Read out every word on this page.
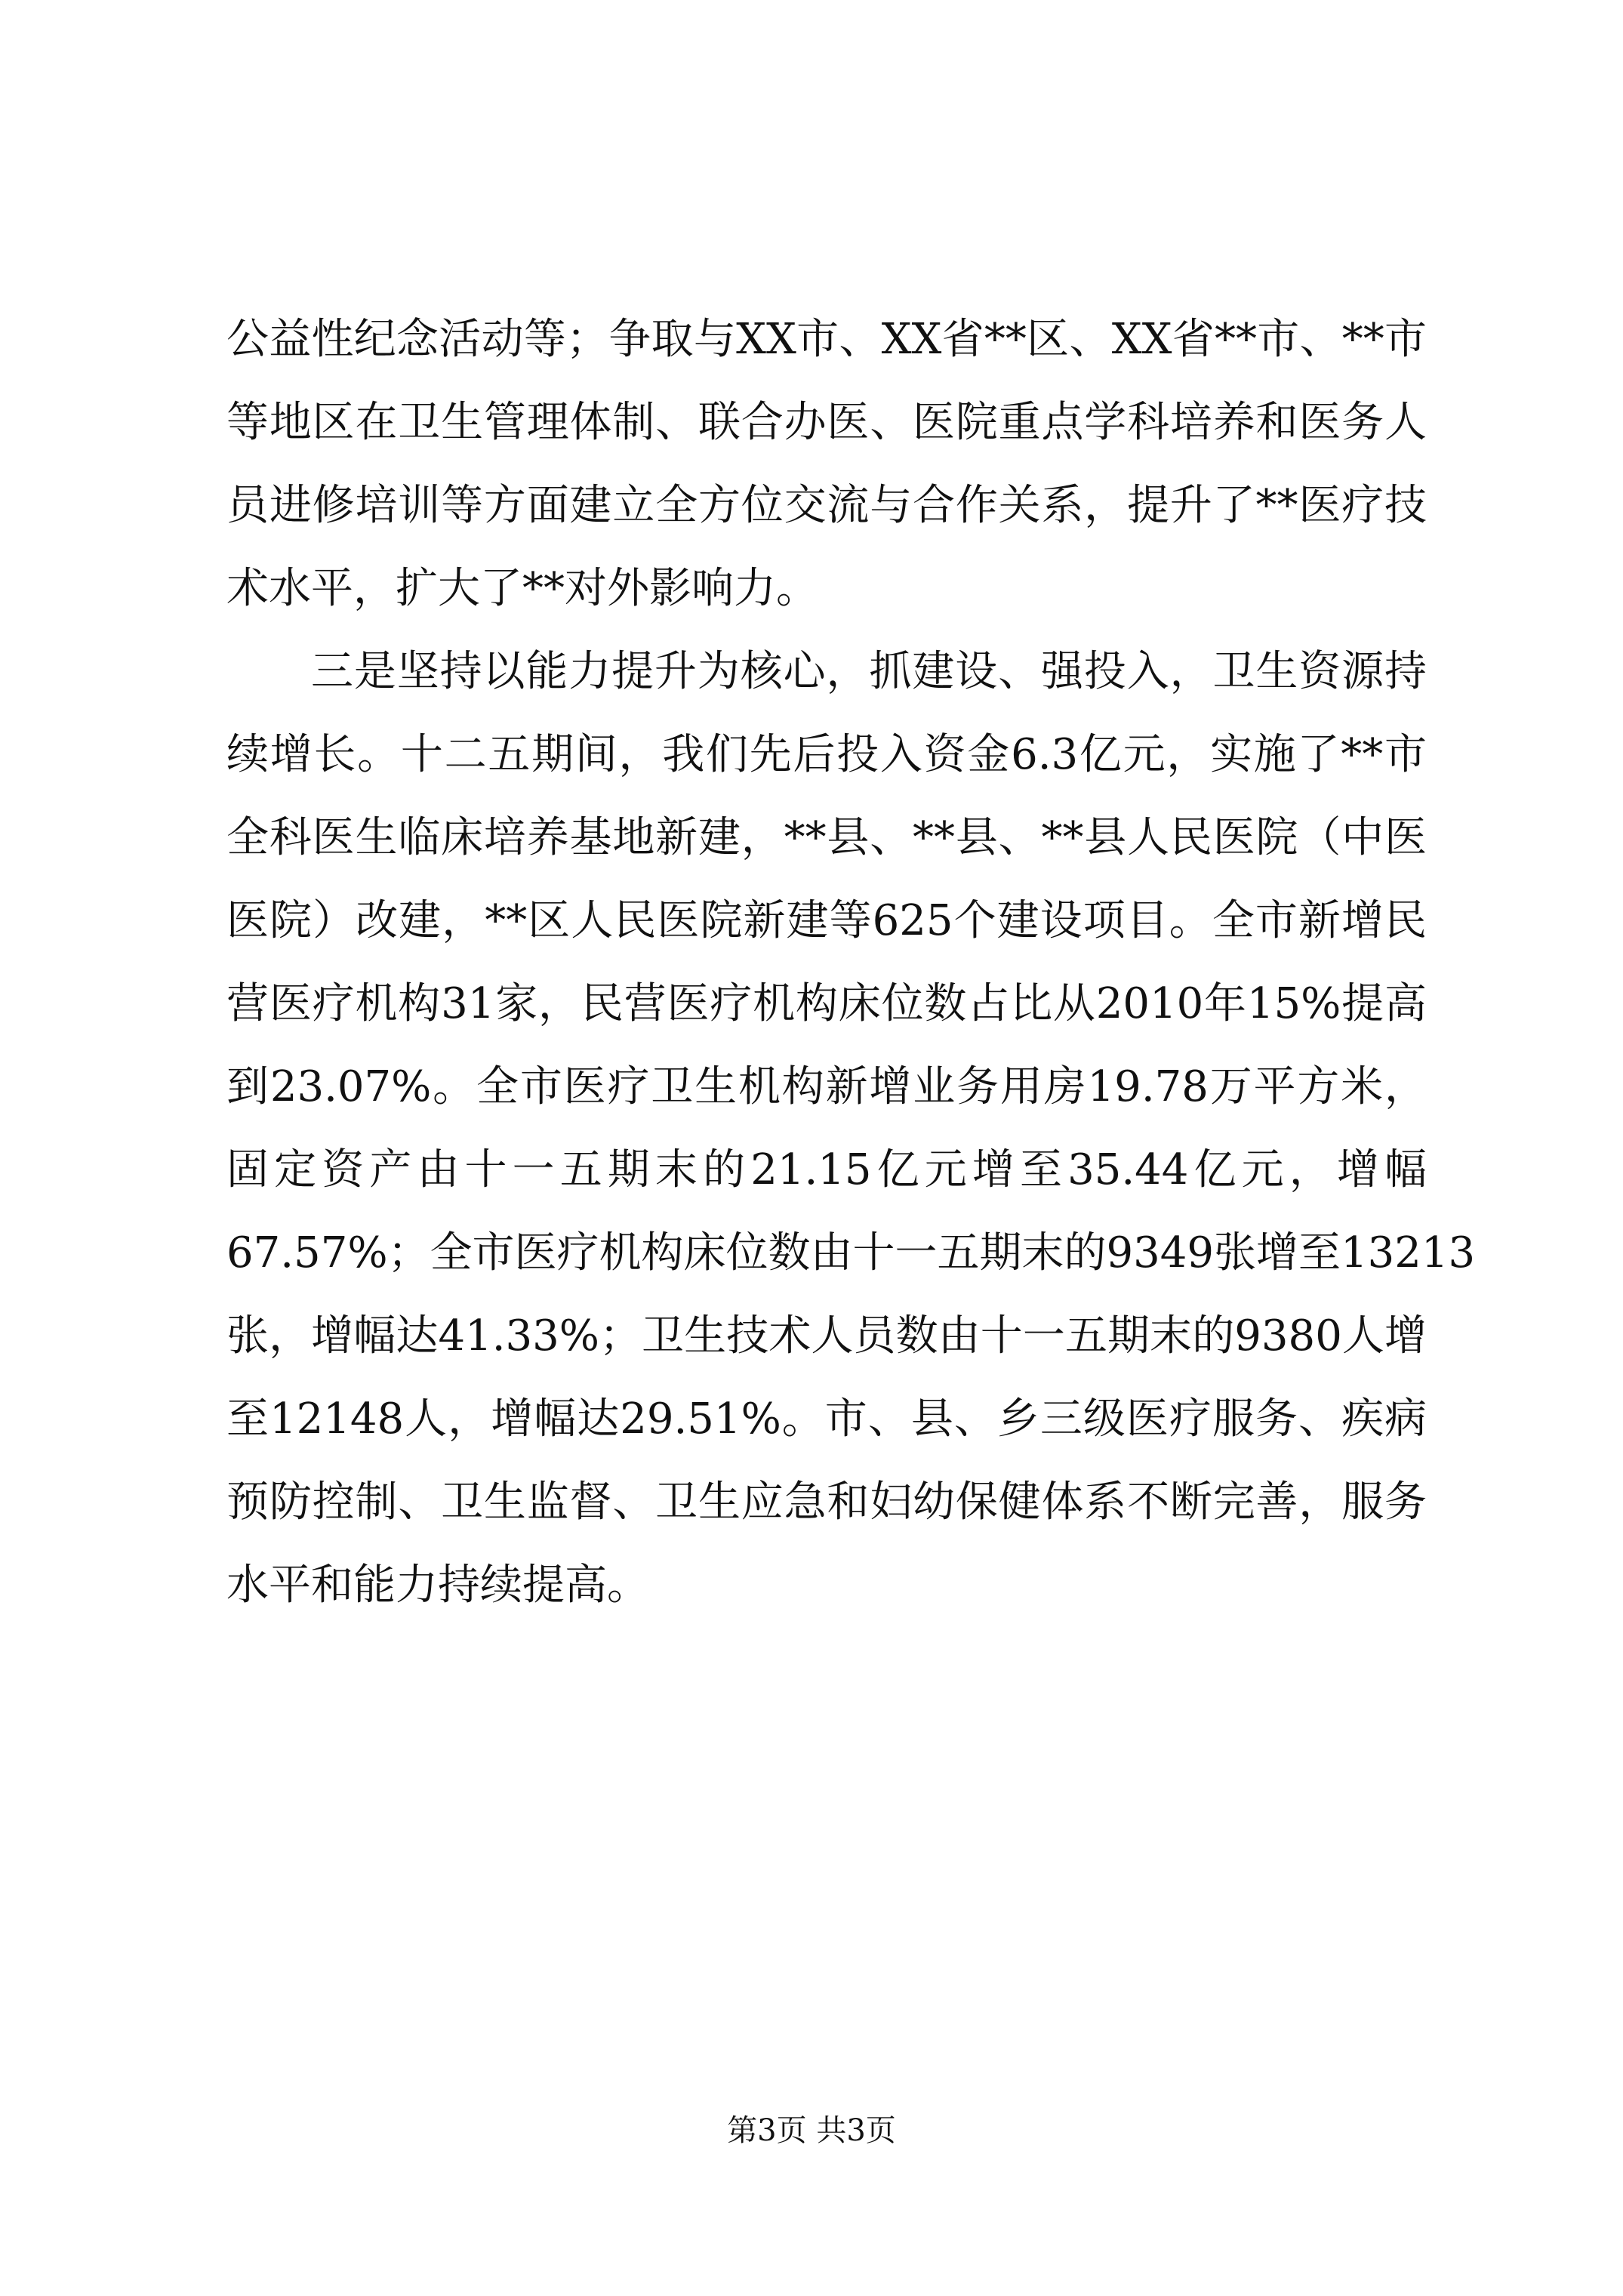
公益性纪念活动等；争取与XX市、XX省**区、XX省**市、**市
等地区在卫生管理体制、联合办医、医院重点学科培养和医务人
员进修培训等方面建立全方位交流与合作关系，提升了**医疗技
术水平，扩大了**对外影响力。
三是坚持以能力提升为核心，抓建设、强投入，卫生资源持
续增长。十二五期间，我们先后投入资金6.3亿元，实施了**市
全科医生临床培养基地新建，**县、**县、**县人民医院（中医
医院）改建，**区人民医院新建等625个建设项目。全市新增民
营医疗机构31家，民营医疗机构床位数占比从2010年15%提高
到23.07%。全市医疗卫生机构新增业务用房19.78万平方米，
固定资产由十一五期末的21.15亿元增至35.44亿元，增幅
67.57%；全市医疗机构床位数由十一五期末的9349张增至13213
张，增幅达41.33%；卫生技术人员数由十一五期末的9380人增
至12148人，增幅达29.51%。市、县、乡三级医疗服务、疾病
预防控制、卫生监督、卫生应急和妇幼保健体系不断完善，服务
水平和能力持续提高。
第3页 共3页
